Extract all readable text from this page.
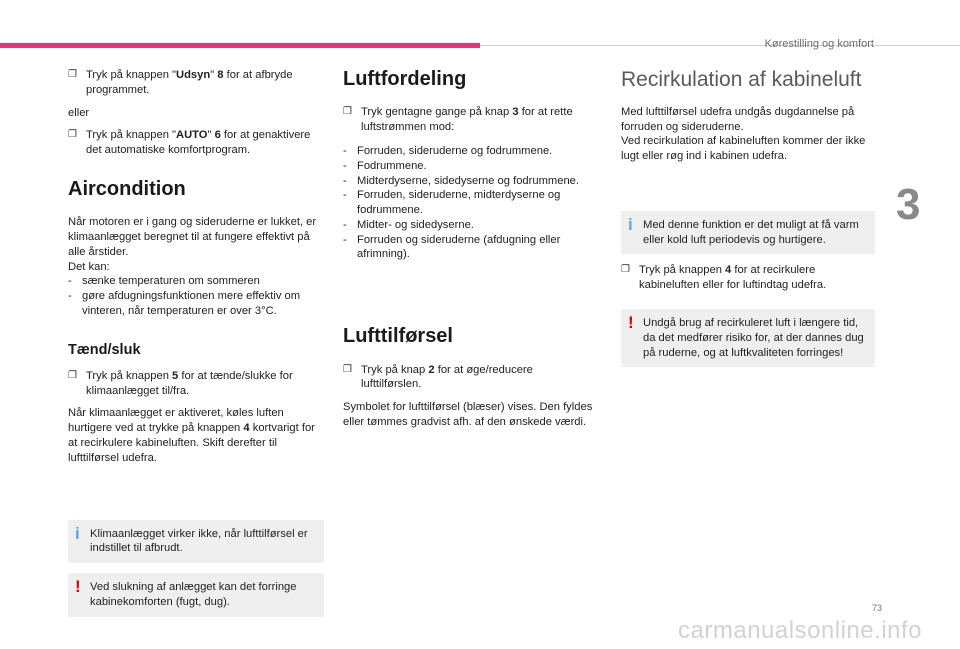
Kørestilling og komfort
3

❐ Tryk på knappen "Udsyn" 8 for at afbryde programmet.

eller

❐ Tryk på knappen "AUTO" 6 for at genaktivere det automatiske komfortprogram.

Aircondition

Når motoren er i gang og sideruderne er lukket, er klimaanlægget beregnet til at fungere effektivt på alle årstider.

Det kan:

- sænke temperaturen om sommeren

- gøre afdugningsfunktionen mere effektiv om vinteren, når temperaturen er over 3°C.

Tænd/sluk

❐ Tryk på knappen 5 for at tænde/slukke for klimaanlægget til/fra.

Når klimaanlægget er aktiveret, køles luften hurtigere ved at trykke på knappen 4 kortvarigt for at recirkulere kabineluften. Skift derefter til lufttilførsel udefra.

i Klimaanlægget virker ikke, når lufttilførsel er indstillet til afbrudt.
! Ved slukning af anlægget kan det forringe kabinekomforten (fugt, dug).
Luftfordeling

❐ Tryk gentagne gange på knap 3 for at rette luftstrømmen mod:

- Forruden, sideruderne og fodrummene.

- Fodrummene.

- Midterdyserne, sidedyserne og fodrummene.

- Forruden, sideruderne, midterdyserne og fodrummene.

- Midter- og sidedyserne.

- Forruden og sideruderne (afdugning eller afrimning).

Lufttilførsel

❐ Tryk på knap 2 for at øge/reducere lufttilførslen.

Symbolet for lufttilførsel (blæser) vises. Den fyldes eller tømmes gradvist afh. af den ønskede værdi.

Recirkulation af kabineluft

Med lufttilførsel udefra undgås dugdannelse på forruden og sideruderne.

Ved recirkulation af kabineluften kommer der ikke lugt eller røg ind i kabinen udefra.

i Med denne funktion er det muligt at få varm eller kold luft periodevis og hurtigere.

❐ Tryk på knappen 4 for at recirkulere kabineluften eller for luftindtag udefra.

! Undgå brug af recirkuleret luft i længere tid, da det medfører risiko for, at der dannes dug på ruderne, og at luftkvaliteten forringes!
73
carmanualsonline.info
